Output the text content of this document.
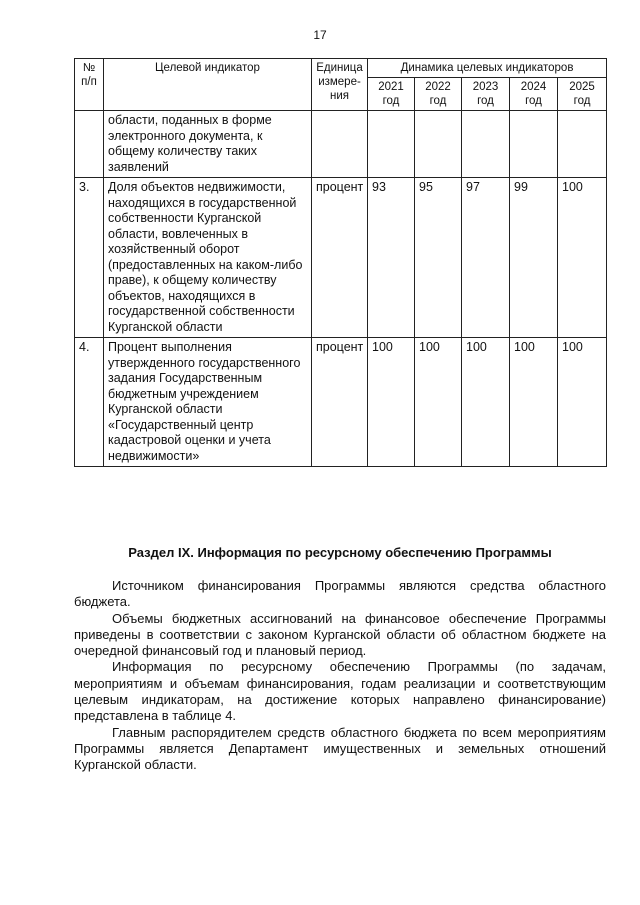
17
№ п/п	Целевой индикатор	Единица измере-ния	Динамика целевых индикаторов				
			2021 год	2022 год	2023 год	2024 год	2025 год
	области, поданных в форме электронного документа, к общему количеству таких заявлений						
3.	Доля объектов недвижимости, находящихся в государственной собственности Курганской области, вовлеченных в хозяйственный оборот (предоставленных на каком-либо праве), к общему количеству объектов, находящихся в государственной собственности Курганской области	процент	93	95	97	99	100
4.	Процент выполнения утвержденного государственного задания Государственным бюджетным учреждением Курганской области «Государственный центр кадастровой оценки и учета недвижимости»	процент	100	100	100	100	100
Раздел IX. Информация по ресурсному обеспечению Программы

Источником финансирования Программы являются средства областного бюджета.

Объемы бюджетных ассигнований на финансовое обеспечение Программы приведены в соответствии с законом Курганской области об областном бюджете на очередной финансовый год и плановый период.

Информация по ресурсному обеспечению Программы (по задачам, мероприятиям и объемам финансирования, годам реализации и соответствующим целевым индикаторам, на достижение которых направлено финансирование) представлена в таблице 4.

Главным распорядителем средств областного бюджета по всем мероприятиям Программы является Департамент имущественных и земельных отношений Курганской области.
